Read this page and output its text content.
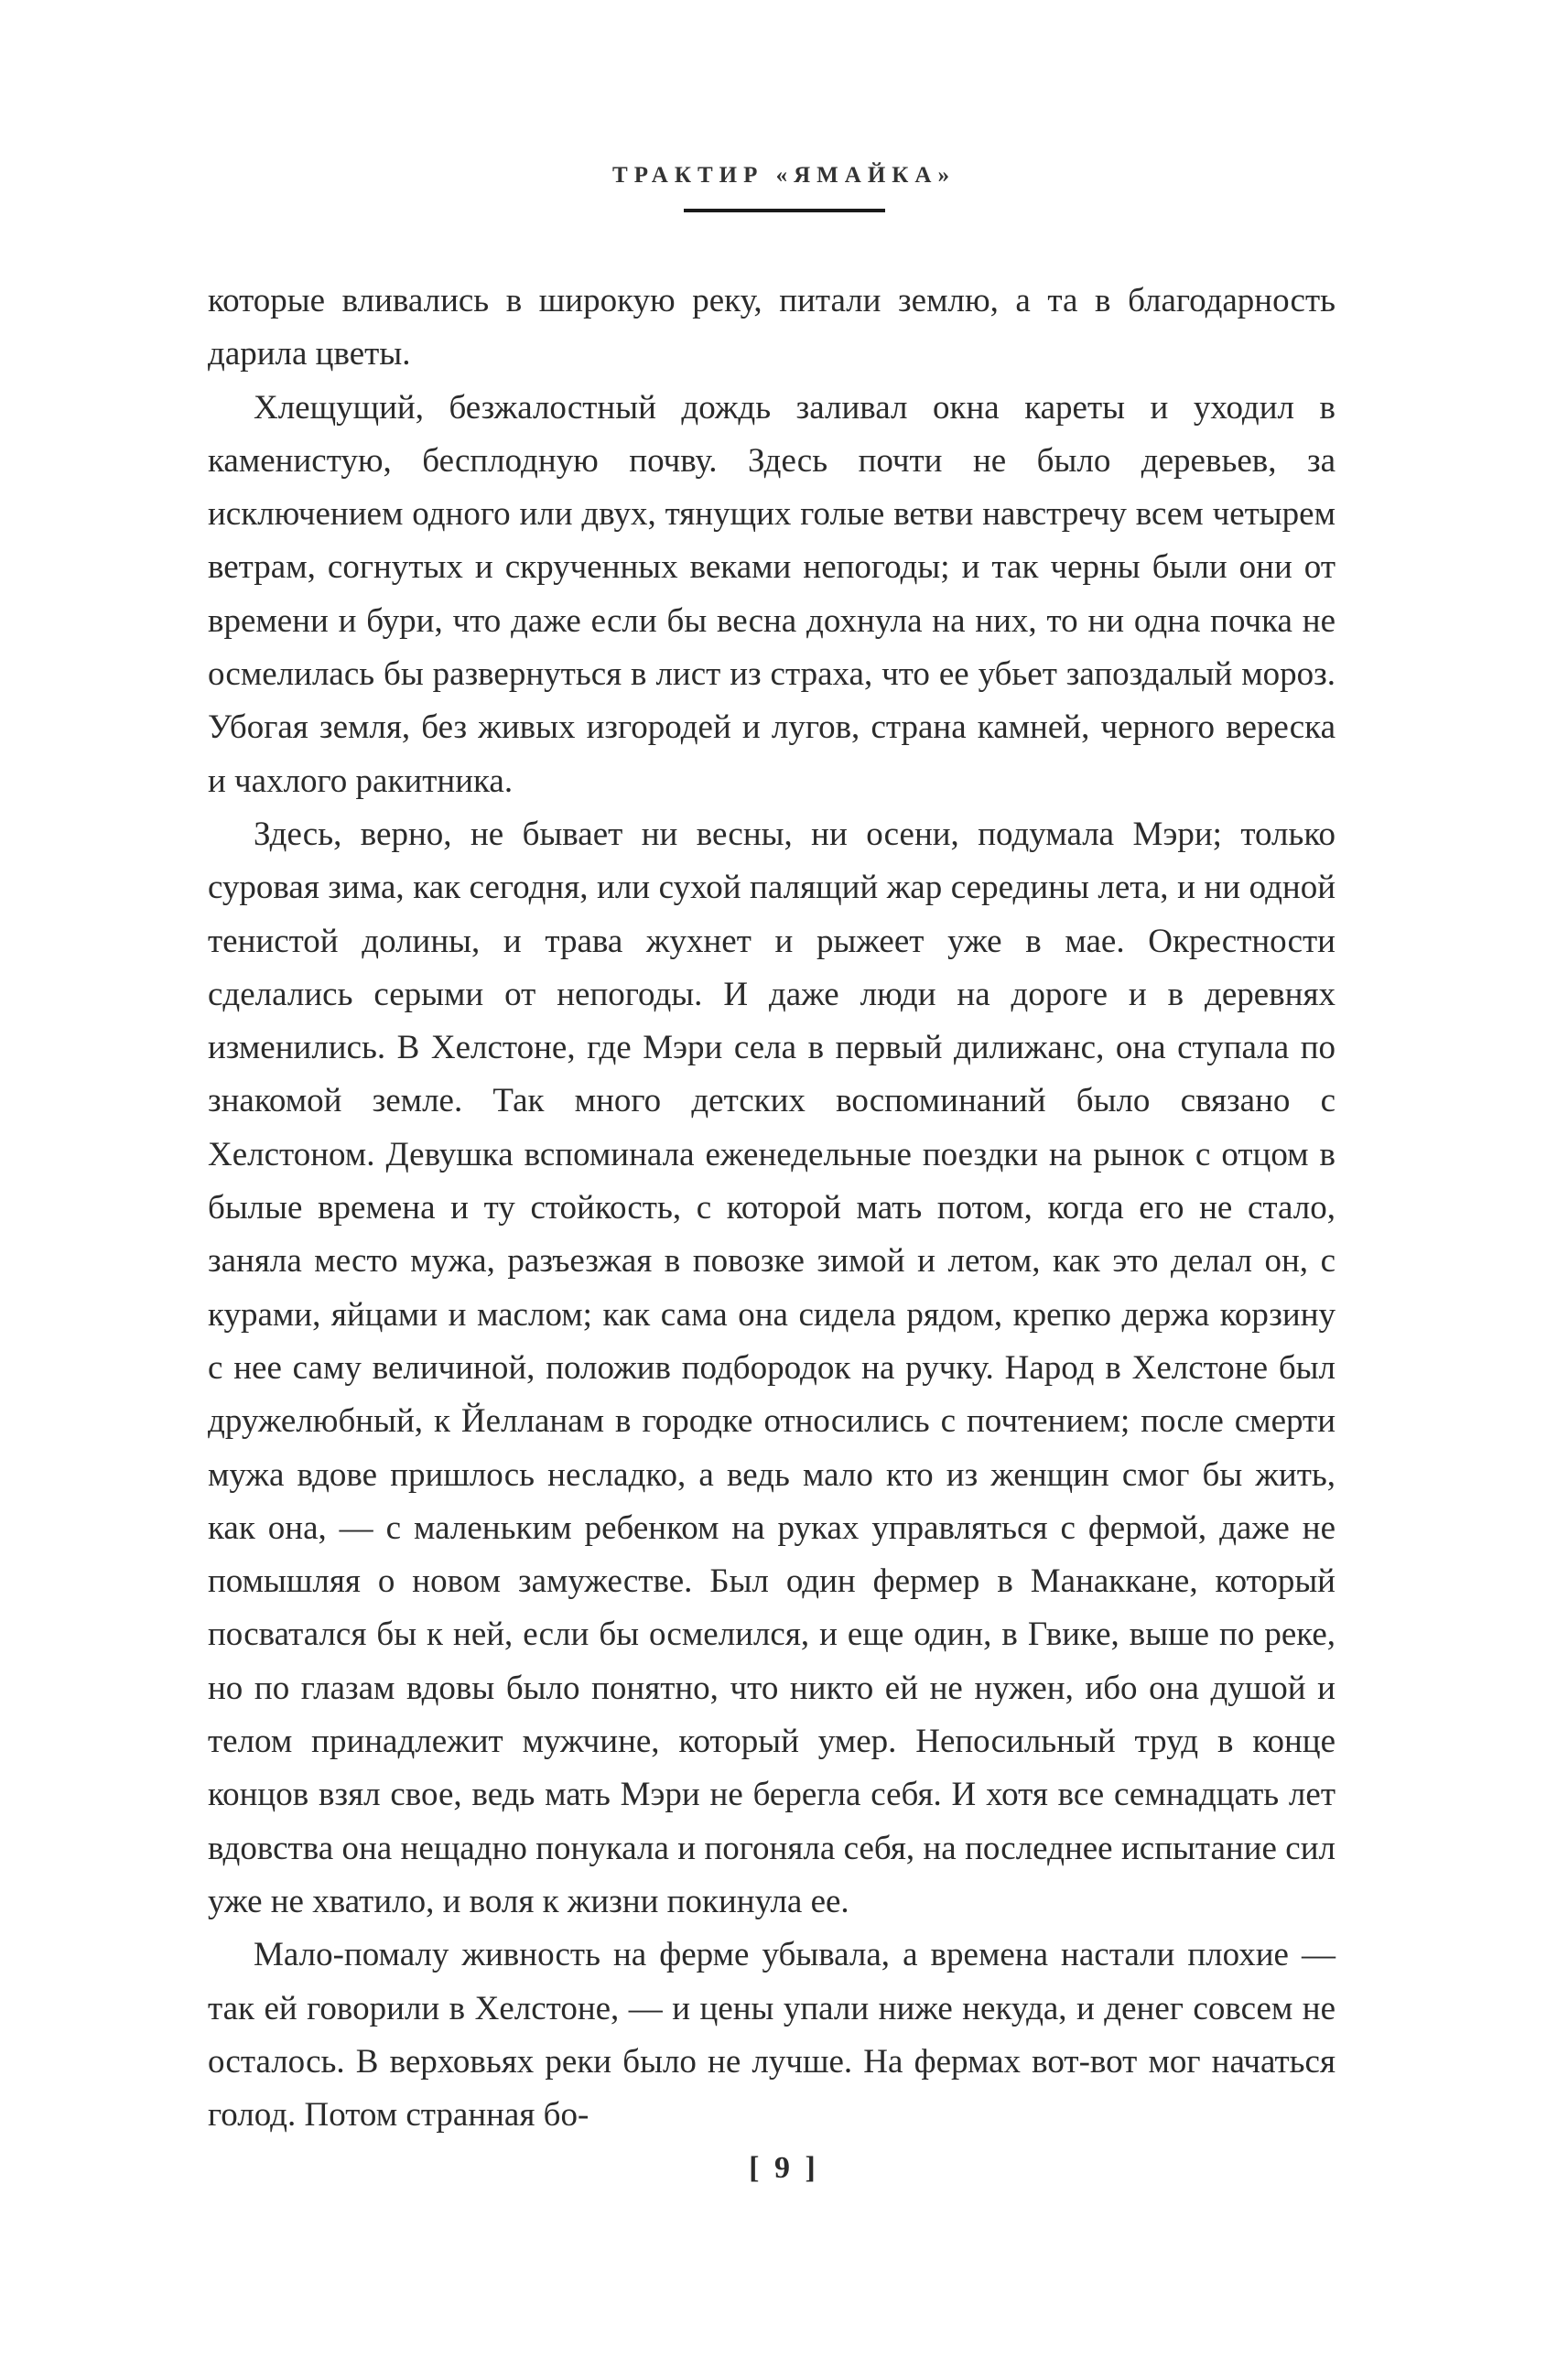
ТРАКТИР «ЯМАЙКА»

которые вливались в широкую реку, питали землю, а та в благодарность дарила цветы.

Хлещущий, безжалостный дождь заливал окна кареты и уходил в каменистую, бесплодную почву. Здесь почти не было деревьев, за исключением одного или двух, тянущих голые ветви навстречу всем четырем ветрам, согнутых и скрученных веками непогоды; и так черны были они от времени и бури, что даже если бы весна дохнула на них, то ни одна почка не осмелилась бы развернуться в лист из страха, что ее убьет запоздалый мороз. Убогая земля, без живых изгородей и лугов, страна камней, черного вереска и чахлого ракитника.

Здесь, верно, не бывает ни весны, ни осени, подумала Мэри; только суровая зима, как сегодня, или сухой палящий жар середины лета, и ни одной тенистой долины, и трава жухнет и рыжеет уже в мае. Окрестности сделались серыми от непогоды. И даже люди на дороге и в деревнях изменились. В Хелстоне, где Мэри села в первый дилижанс, она ступала по знакомой земле. Так много детских воспоминаний было связано с Хелстоном. Девушка вспоминала еженедельные поездки на рынок с отцом в былые времена и ту стойкость, с которой мать потом, когда его не стало, заняла место мужа, разъезжая в повозке зимой и летом, как это делал он, с курами, яйцами и маслом; как сама она сидела рядом, крепко держа корзину с нее саму величиной, положив подбородок на ручку. Народ в Хелстоне был дружелюбный, к Йелланам в городке относились с почтением; после смерти мужа вдове пришлось несладко, а ведь мало кто из женщин смог бы жить, как она, — с маленьким ребенком на руках управляться с фермой, даже не помышляя о новом замужестве. Был один фермер в Манаккане, который посватался бы к ней, если бы осмелился, и еще один, в Гвике, выше по реке, но по глазам вдовы было понятно, что никто ей не нужен, ибо она душой и телом принадлежит мужчине, который умер. Непосильный труд в конце концов взял свое, ведь мать Мэри не берегла себя. И хотя все семнадцать лет вдовства она нещадно понукала и погоняла себя, на последнее испытание сил уже не хватило, и воля к жизни покинула ее.

Мало-помалу живность на ферме убывала, а времена настали плохие — так ей говорили в Хелстоне, — и цены упали ниже некуда, и денег совсем не осталось. В верховьях реки было не лучше. На фермах вот-вот мог начаться голод. Потом странная бо-

[ 9 ]
